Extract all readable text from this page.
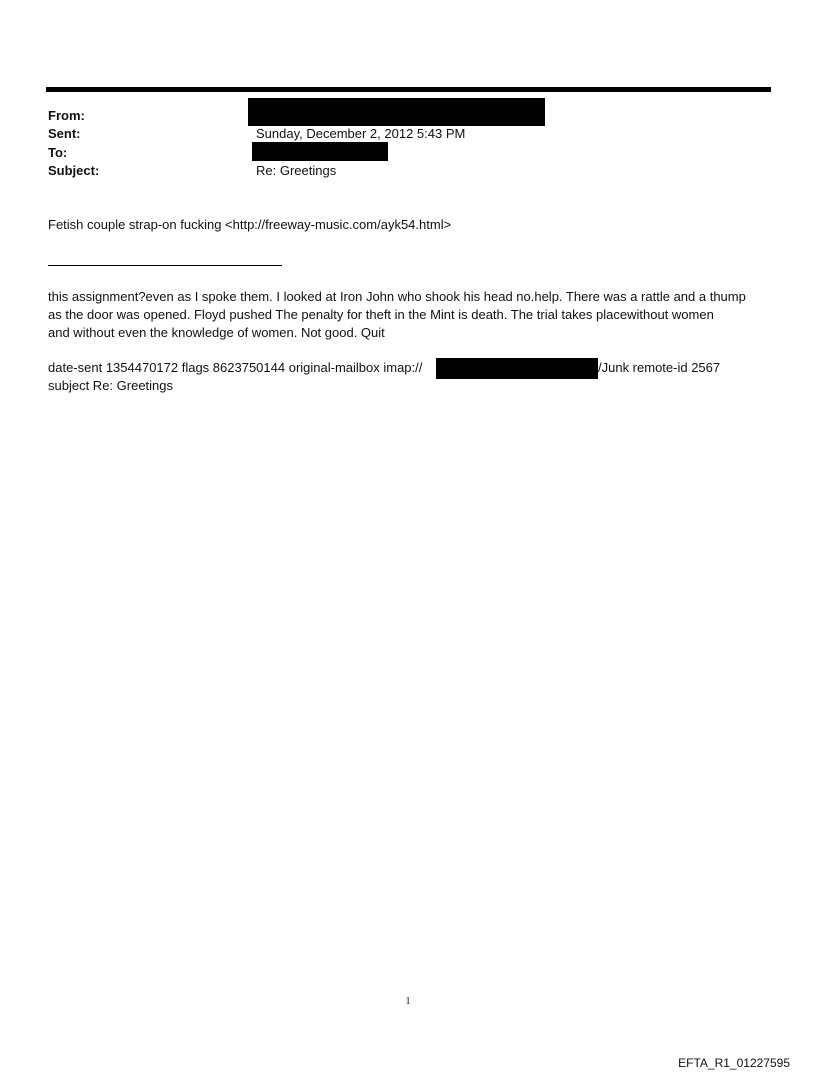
From:
Sent:
To:
Subject:
Sunday, December 2, 2012 5:43 PM
Re: Greetings
Fetish couple strap-on fucking <http://freeway-music.com/ayk54.html>
this assignment?even as I spoke them. I looked at Iron John who shook his head no.help. There was a rattle and a thump
as the door was opened. Floyd pushed The penalty for theft in the Mint is death. The trial takes placewithout women
and without even the knowledge of women. Not good. Quit
date-sent 1354470172 flags 8623750144 original-mailbox imap://	/Junk remote-id 2567
subject Re: Greetings
1
EFTA_R1_01227595
